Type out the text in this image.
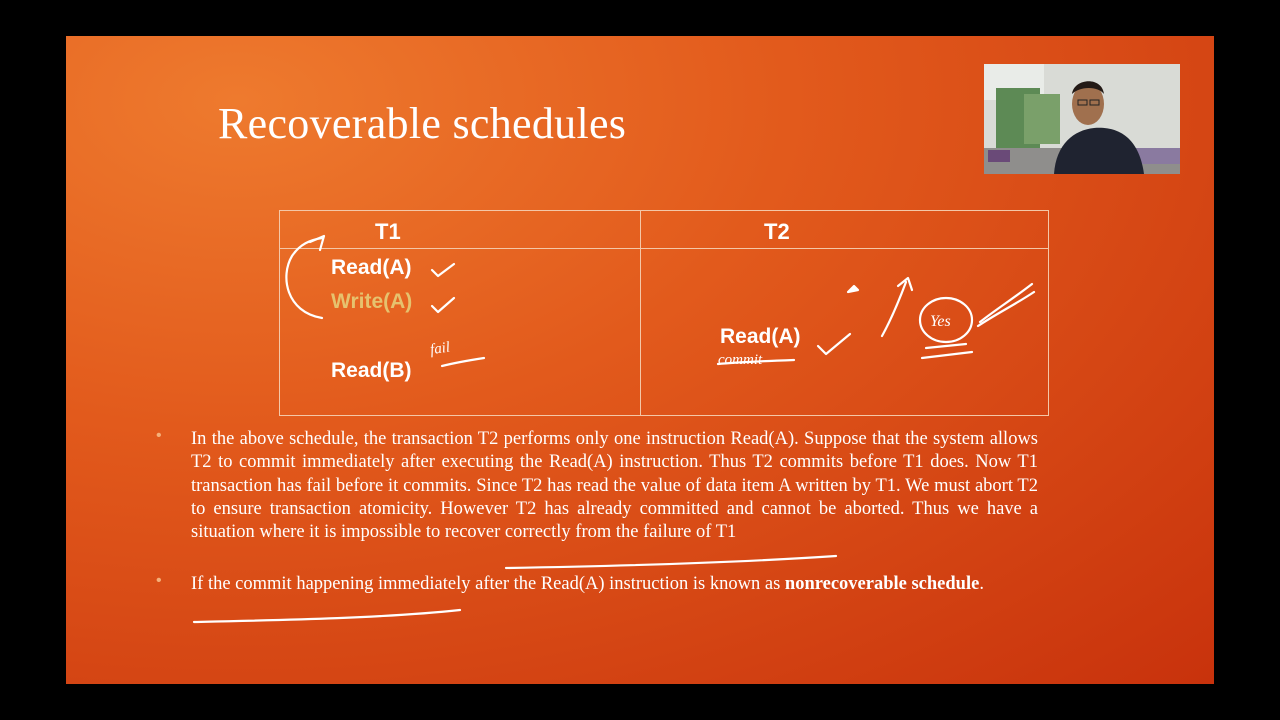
Recoverable schedules
T1	T2
Read(A)
Write(A)
Read(B)
Read(A)
fail
commit
Yes
• In the above schedule, the transaction T2 performs only one instruction Read(A). Suppose that the system allows T2 to commit immediately after executing the Read(A) instruction. Thus T2 commits before T1 does. Now T1 transaction has fail before it commits. Since T2 has read the value of data item A written by T1. We must abort T2 to ensure transaction atomicity. However T2 has already committed and cannot be aborted. Thus we have a situation where it is impossible to recover correctly from the failure of T1
• If the commit happening immediately after the Read(A) instruction is known as nonrecoverable schedule.
